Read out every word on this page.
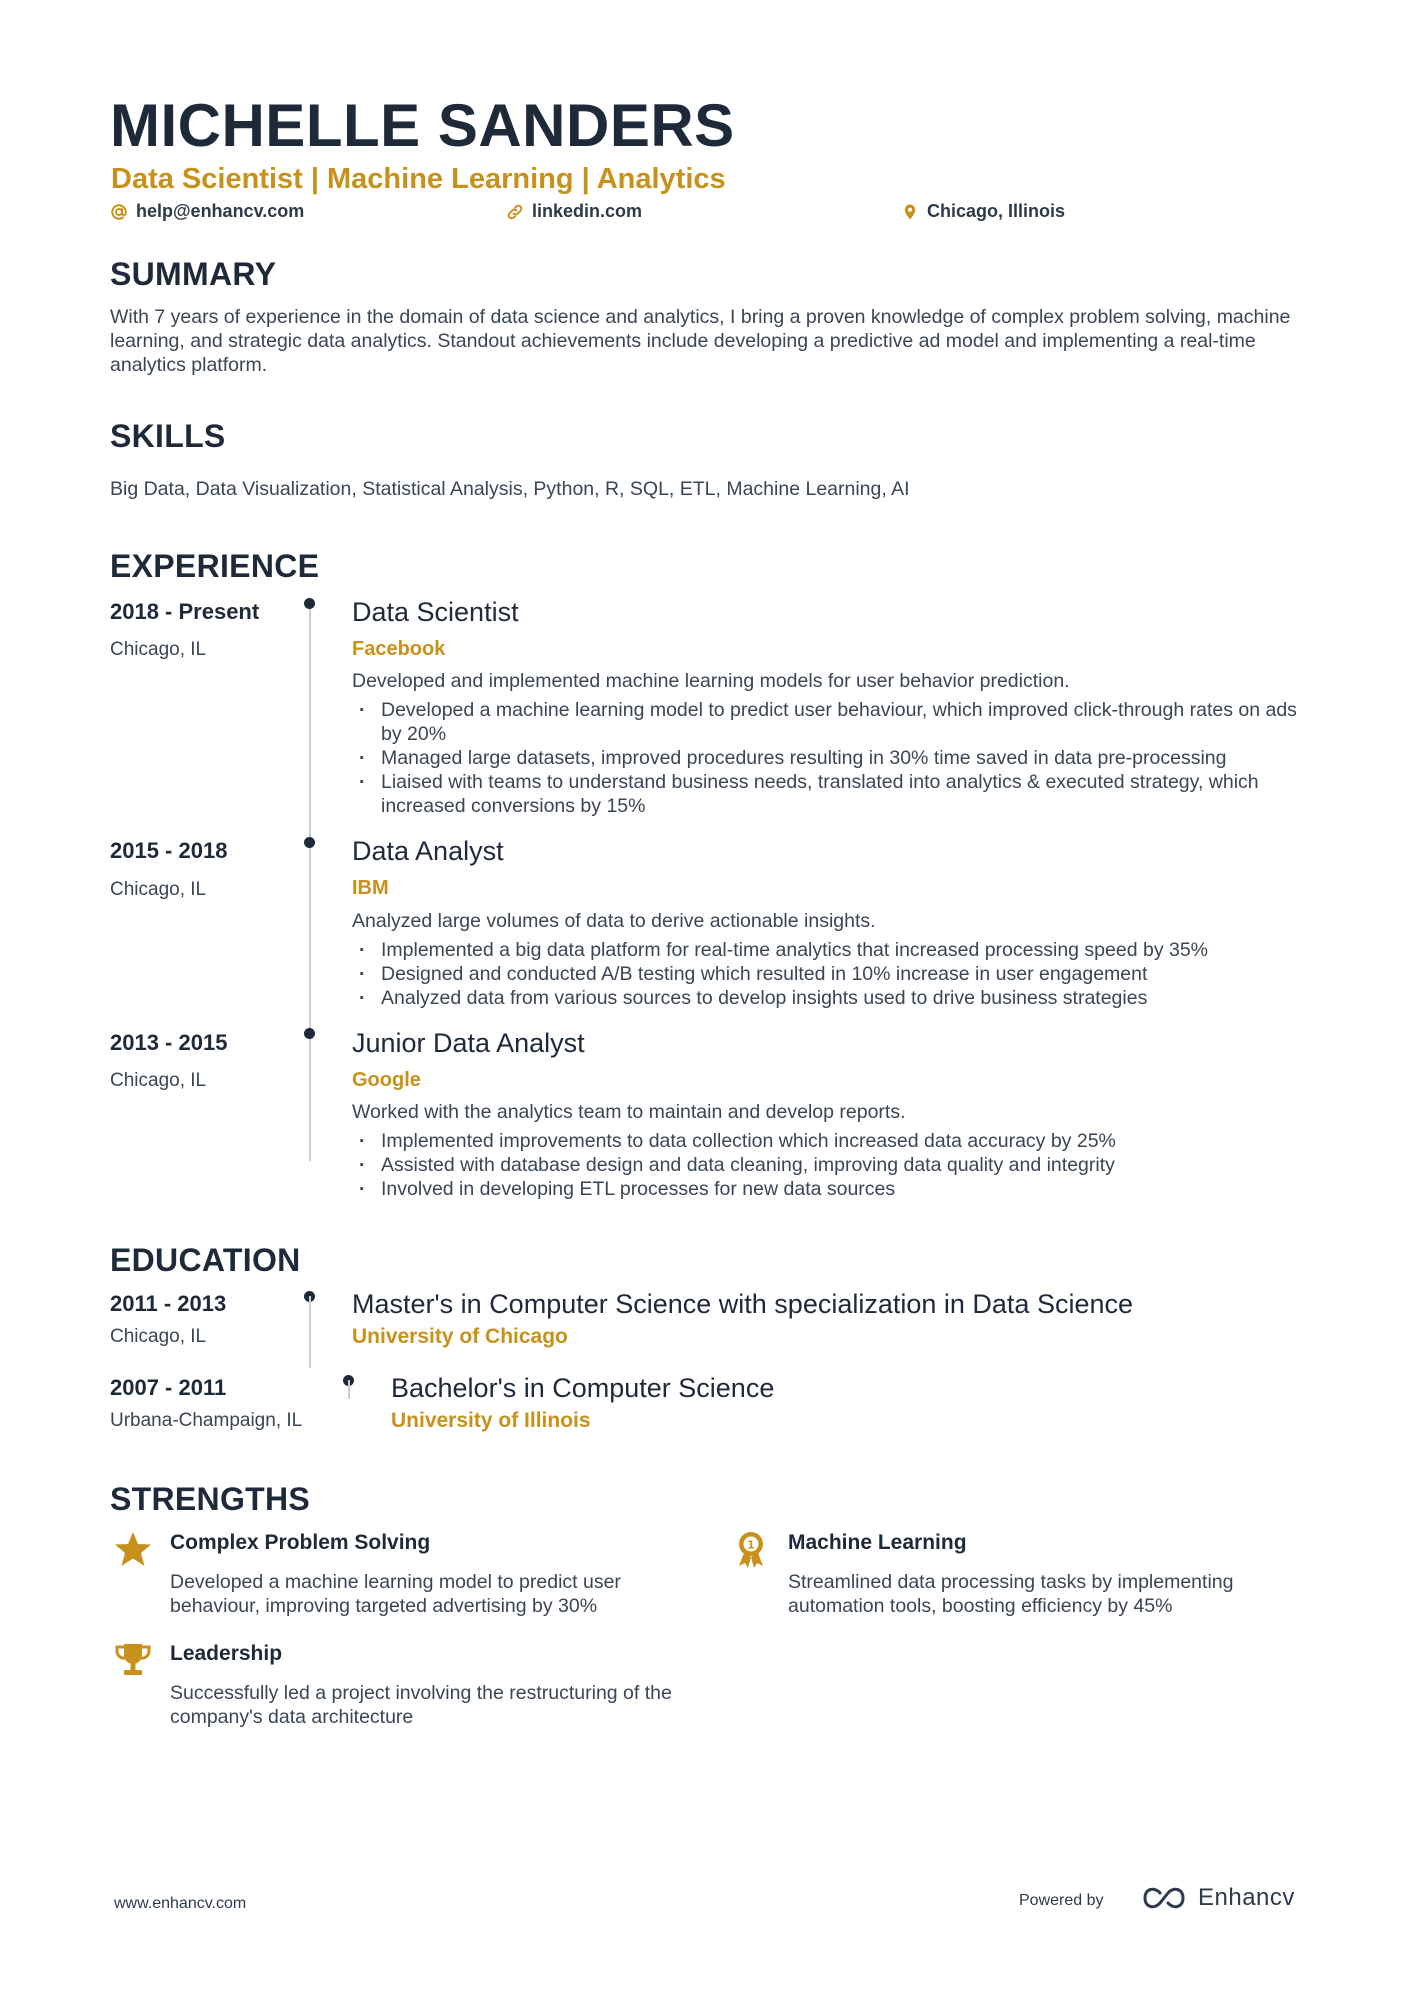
MICHELLE SANDERS
Data Scientist | Machine Learning | Analytics
help@enhancv.com	linkedin.com	Chicago, Illinois
SUMMARY

With 7 years of experience in the domain of data science and analytics, I bring a proven knowledge of complex problem solving, machine learning, and strategic data analytics. Standout achievements include developing a predictive ad model and implementing a real-time analytics platform.

SKILLS

Big Data, Data Visualization, Statistical Analysis, Python, R, SQL, ETL, Machine Learning, AI

EXPERIENCE
2018 - Present
Chicago, IL
Data Scientist
Facebook
Developed and implemented machine learning models for user behavior prediction.
· Developed a machine learning model to predict user behaviour, which improved click-through rates on ads by 20%
· Managed large datasets, improved procedures resulting in 30% time saved in data pre-processing
· Liaised with teams to understand business needs, translated into analytics & executed strategy, which increased conversions by 15%
2015 - 2018
Chicago, IL
Data Analyst
IBM
Analyzed large volumes of data to derive actionable insights.
· Implemented a big data platform for real-time analytics that increased processing speed by 35%
· Designed and conducted A/B testing which resulted in 10% increase in user engagement
· Analyzed data from various sources to develop insights used to drive business strategies
2013 - 2015
Chicago, IL
Junior Data Analyst
Google
Worked with the analytics team to maintain and develop reports.
· Implemented improvements to data collection which increased data accuracy by 25%
· Assisted with database design and data cleaning, improving data quality and integrity
· Involved in developing ETL processes for new data sources
EDUCATION
2011 - 2013
Chicago, IL
Master's in Computer Science with specialization in Data Science
University of Chicago
2007 - 2011
Urbana-Champaign, IL
Bachelor's in Computer Science
University of Illinois
STRENGTHS
Complex Problem Solving

Developed a machine learning model to predict user behaviour, improving targeted advertising by 30%

1 Machine Learning

Streamlined data processing tasks by implementing automation tools, boosting efficiency by 45%

Leadership

Successfully led a project involving the restructuring of the company's data architecture

www.enhancv.com	Powered by	Enhancv
